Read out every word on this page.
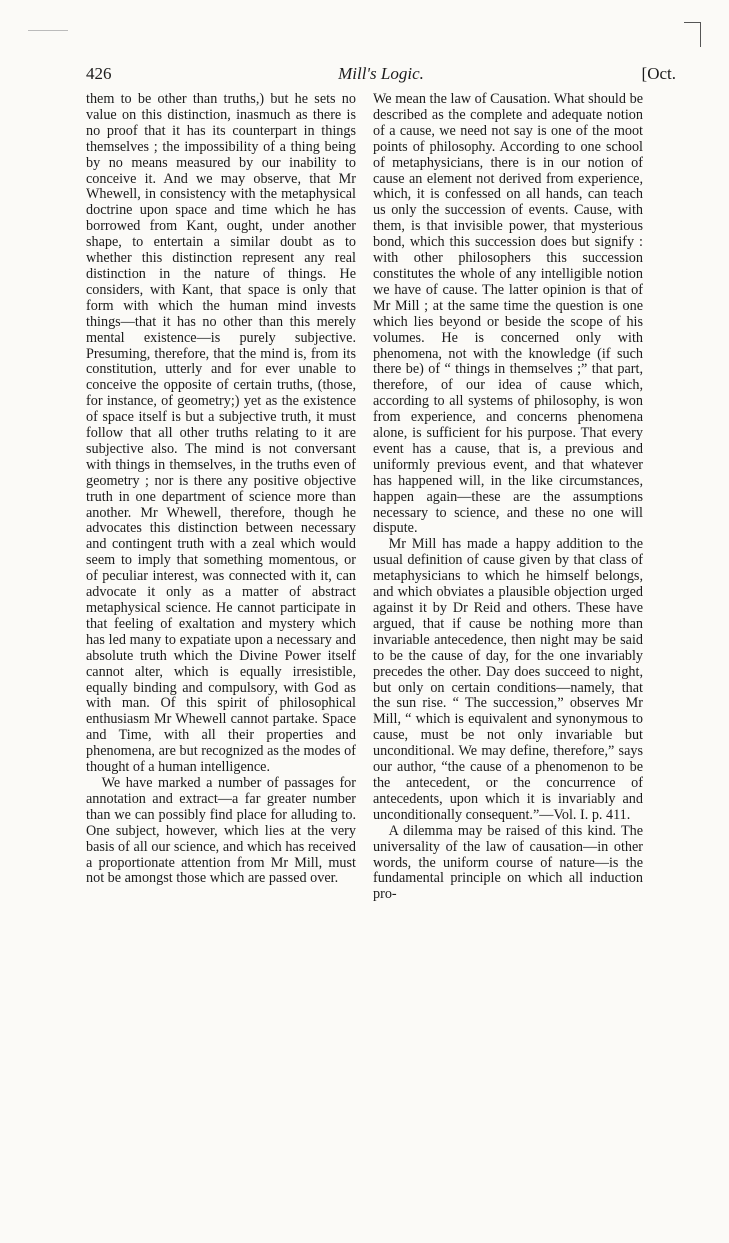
426	Mill's Logic.	[Oct.

them to be other than truths,) but he sets no value on this distinction, inasmuch as there is no proof that it has its counterpart in things themselves ; the impossibility of a thing being by no means measured by our inability to conceive it. And we may observe, that Mr Whewell, in consistency with the metaphysical doctrine upon space and time which he has borrowed from Kant, ought, under another shape, to entertain a similar doubt as to whether this distinction represent any real distinction in the nature of things. He considers, with Kant, that space is only that form with which the human mind invests things—that it has no other than this merely mental existence—is purely subjective. Presuming, therefore, that the mind is, from its constitution, utterly and for ever unable to conceive the opposite of certain truths, (those, for instance, of geometry;) yet as the existence of space itself is but a subjective truth, it must follow that all other truths relating to it are subjective also. The mind is not conversant with things in themselves, in the truths even of geometry ; nor is there any positive objective truth in one department of science more than another. Mr Whewell, therefore, though he advocates this distinction between necessary and contingent truth with a zeal which would seem to imply that something momentous, or of peculiar interest, was connected with it, can advocate it only as a matter of abstract metaphysical science. He cannot participate in that feeling of exaltation and mystery which has led many to expatiate upon a necessary and absolute truth which the Divine Power itself cannot alter, which is equally irresistible, equally binding and compulsory, with God as with man. Of this spirit of philosophical enthusiasm Mr Whewell cannot partake. Space and Time, with all their properties and phenomena, are but recognized as the modes of thought of a human intelligence.

We have marked a number of passages for annotation and extract—a far greater number than we can possibly find place for alluding to. One subject, however, which lies at the very basis of all our science, and which has received a proportionate attention from Mr Mill, must not be amongst those which are passed over.

We mean the law of Causation. What should be described as the complete and adequate notion of a cause, we need not say is one of the moot points of philosophy. According to one school of metaphysicians, there is in our notion of cause an element not derived from experience, which, it is confessed on all hands, can teach us only the succession of events. Cause, with them, is that invisible power, that mysterious bond, which this succession does but signify : with other philosophers this succession constitutes the whole of any intelligible notion we have of cause. The latter opinion is that of Mr Mill ; at the same time the question is one which lies beyond or beside the scope of his volumes. He is concerned only with phenomena, not with the knowledge (if such there be) of “ things in themselves ;” that part, therefore, of our idea of cause which, according to all systems of philosophy, is won from experience, and concerns phenomena alone, is sufficient for his purpose. That every event has a cause, that is, a previous and uniformly previous event, and that whatever has happened will, in the like circumstances, happen again—these are the assumptions necessary to science, and these no one will dispute.

Mr Mill has made a happy addition to the usual definition of cause given by that class of metaphysicians to which he himself belongs, and which obviates a plausible objection urged against it by Dr Reid and others. These have argued, that if cause be nothing more than invariable antecedence, then night may be said to be the cause of day, for the one invariably precedes the other. Day does succeed to night, but only on certain conditions—namely, that the sun rise. “ The succession,” observes Mr Mill, “ which is equivalent and synonymous to cause, must be not only invariable but unconditional. We may define, therefore,” says our author, “the cause of a phenomenon to be the antecedent, or the concurrence of antecedents, upon which it is invariably and unconditionally consequent.”—Vol. I. p. 411.

A dilemma may be raised of this kind. The universality of the law of causation—in other words, the uniform course of nature—is the fundamental principle on which all induction pro-
